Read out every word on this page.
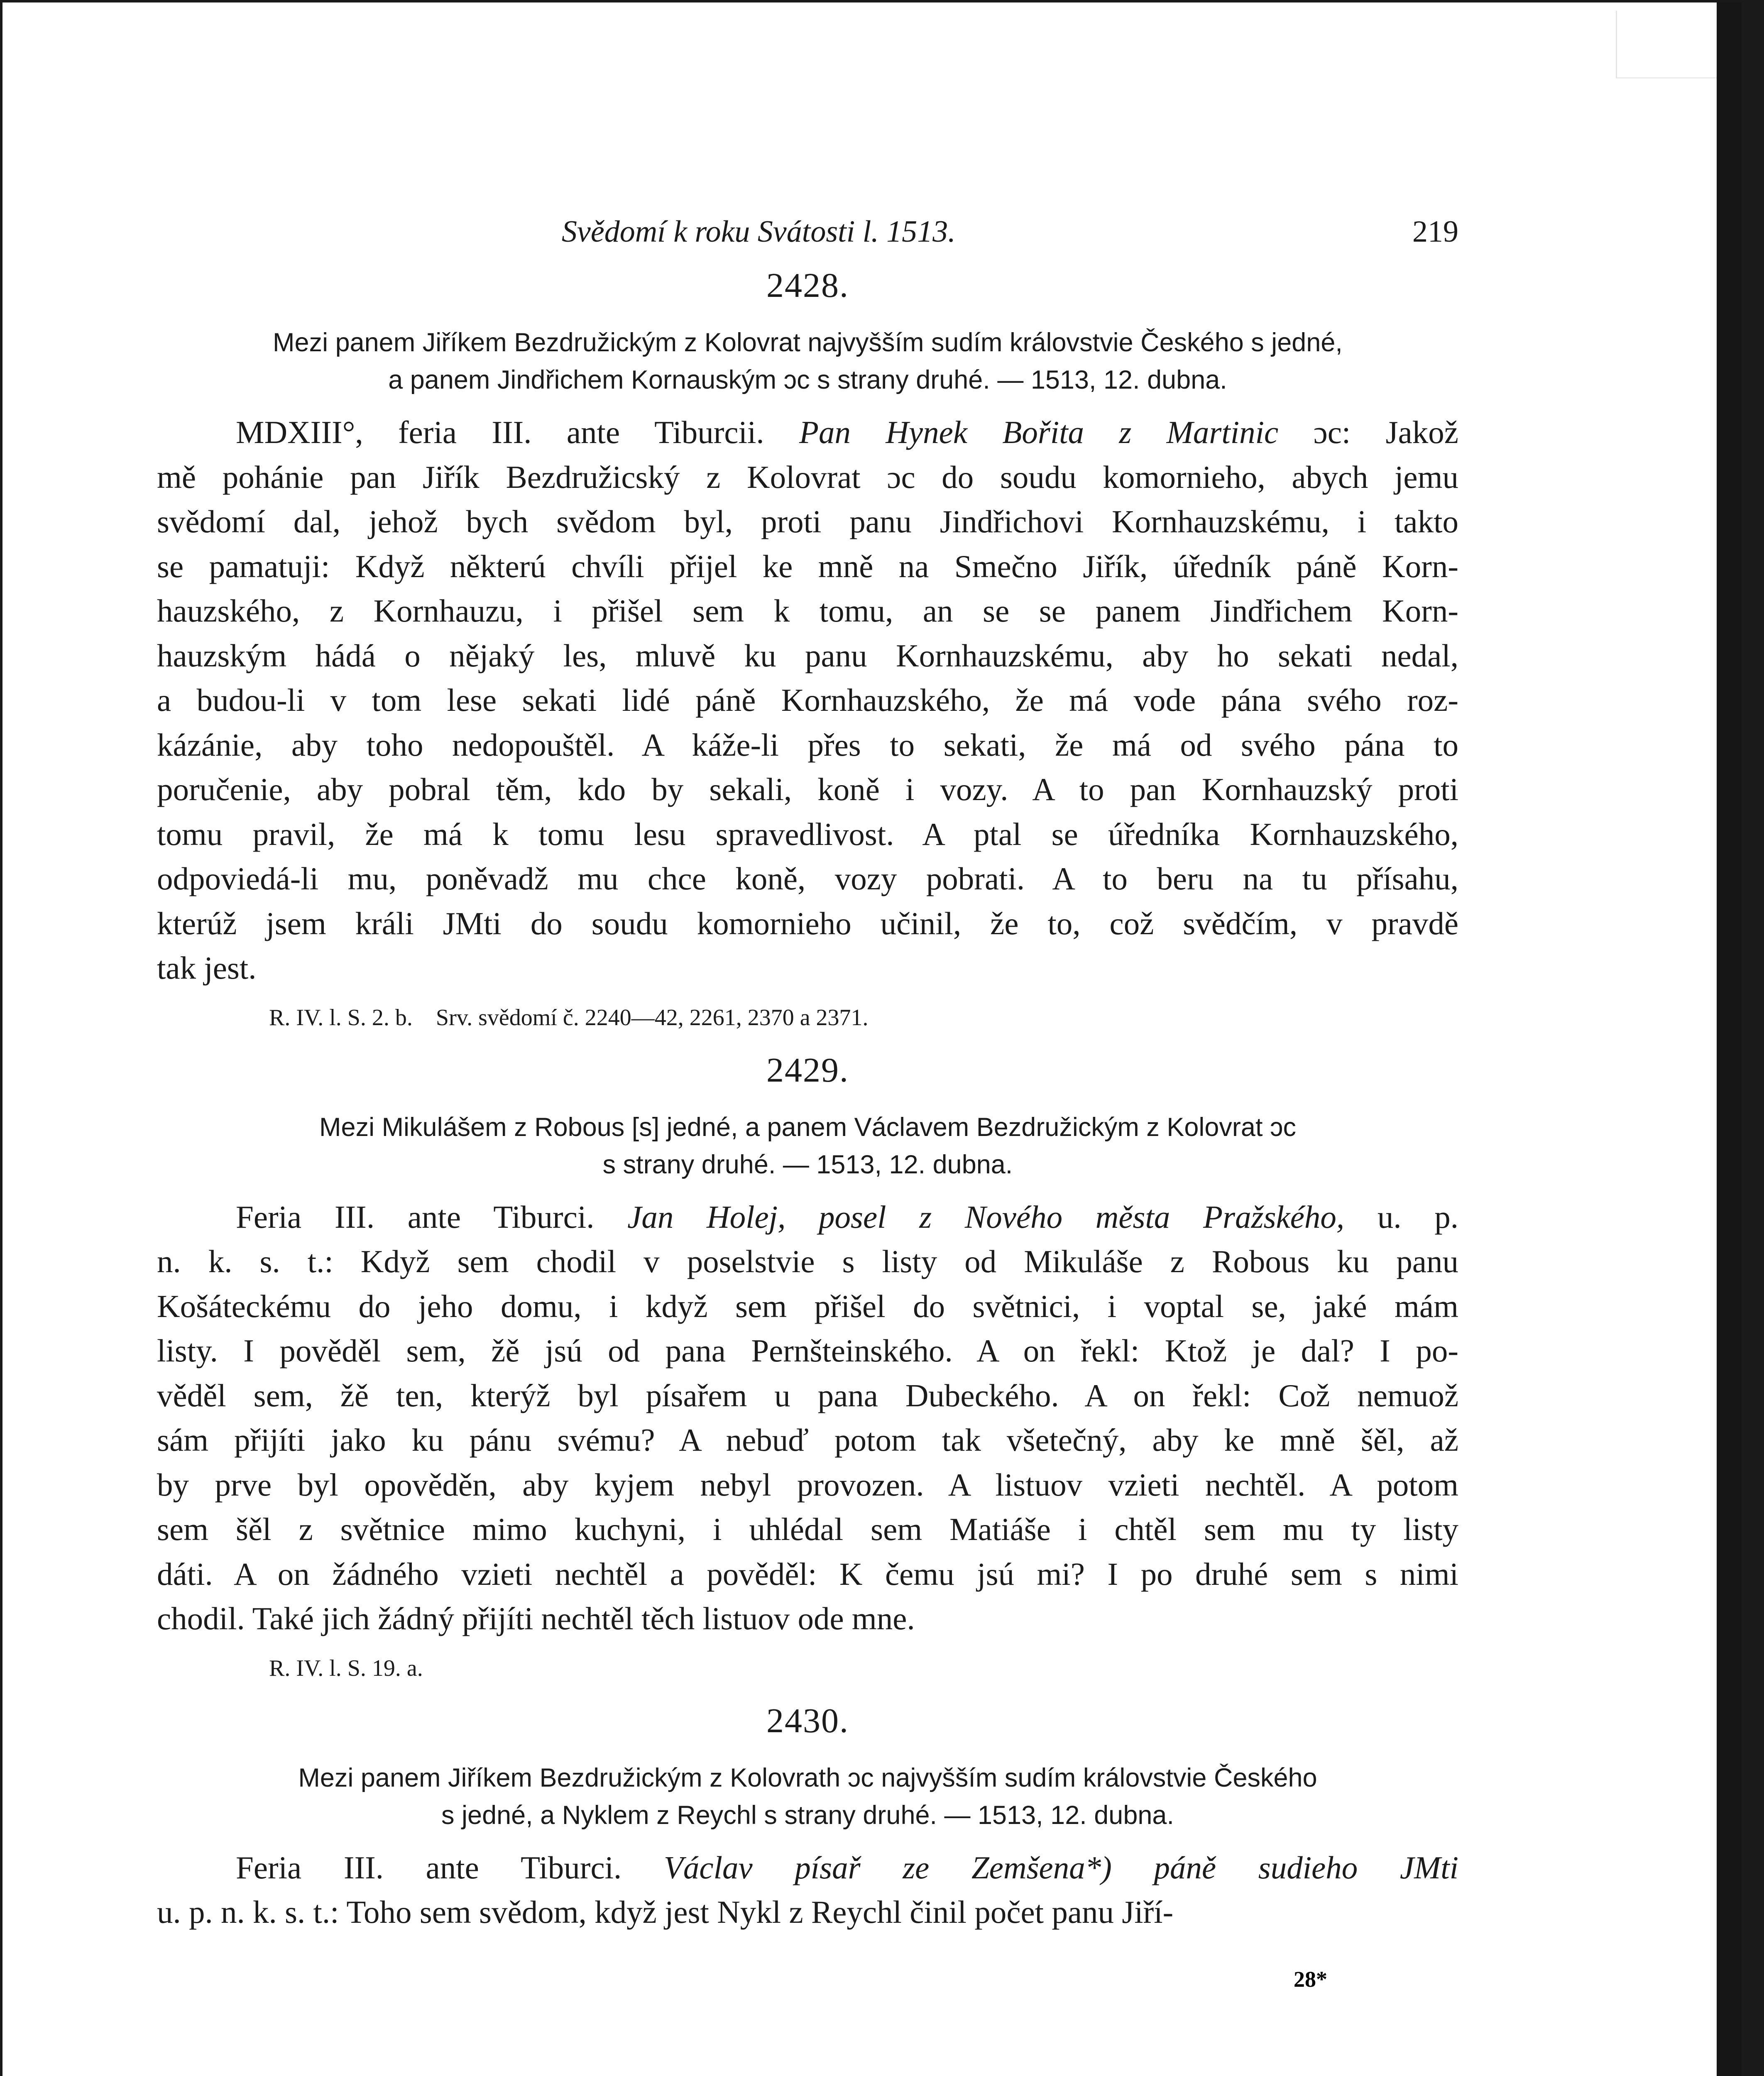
Svědomí k roku Svátosti l. 1513.	219
2428.
Mezi panem Jiříkem Bezdružickým z Kolovrat najvyšším sudím královstvie Českého s jedné,
a panem Jindřichem Kornauským ɔc s strany druhé. — 1513, 12. dubna.
MDXIII°, feria III. ante Tiburcii. Pan Hynek Bořita z Martinic ɔc: Jakož
mě pohánie pan Jiřík Bezdružicský z Kolovrat ɔc do soudu komornieho, abych jemu
svědomí dal, jehož bych svědom byl, proti panu Jindřichovi Kornhauzskému, i takto
se pamatuji: Když některú chvíli přijel ke mně na Smečno Jiřík, úředník páně Korn-
hauzského, z Kornhauzu, i přišel sem k tomu, an se se panem Jindřichem Korn-
hauzským hádá o nějaký les, mluvě ku panu Kornhauzskému, aby ho sekati nedal,
a budou-li v tom lese sekati lidé páně Kornhauzského, že má vode pána svého roz-
kázánie, aby toho nedopouštěl. A káže-li přes to sekati, že má od svého pána to
poručenie, aby pobral těm, kdo by sekali, koně i vozy. A to pan Kornhauzský proti
tomu pravil, že má k tomu lesu spravedlivost. A ptal se úředníka Kornhauzského,
odpoviedá-li mu, poněvadž mu chce koně, vozy pobrati. A to beru na tu přísahu,
kterúž jsem králi JMti do soudu komornieho učinil, že to, což svědčím, v pravdě
tak jest.
R. IV. l. S. 2. b.    Srv. svědomí č. 2240—42, 2261, 2370 a 2371.
2429.
Mezi Mikulášem z Robous [s] jedné, a panem Václavem Bezdružickým z Kolovrat ɔc
s strany druhé. — 1513, 12. dubna.
Feria III. ante Tiburci. Jan Holej, posel z Nového města Pražského, u. p.
n. k. s. t.: Když sem chodil v poselstvie s listy od Mikuláše z Robous ku panu
Košáteckému do jeho domu, i když sem přišel do světnici, i voptal se, jaké mám
listy. I pověděl sem, žě jsú od pana Pernšteinského. A on řekl: Ktož je dal? I po-
věděl sem, žě ten, kterýž byl písařem u pana Dubeckého. A on řekl: Což nemuož
sám přijíti jako ku pánu svému? A nebuď potom tak všetečný, aby ke mně šěl, až
by prve byl opověděn, aby kyjem nebyl provozen. A listuov vzieti nechtěl. A potom
sem šěl z světnice mimo kuchyni, i uhlédal sem Matiáše i chtěl sem mu ty listy
dáti. A on žádného vzieti nechtěl a pověděl: K čemu jsú mi? I po druhé sem s nimi
chodil. Také jich žádný přijíti nechtěl těch listuov ode mne.
R. IV. l. S. 19. a.
2430.
Mezi panem Jiříkem Bezdružickým z Kolovrath ɔc najvyšším sudím královstvie Českého
s jedné, a Nyklem z Reychl s strany druhé. — 1513, 12. dubna.
Feria III. ante Tiburci. Václav písař ze Zemšena*) páně sudieho JMti
u. p. n. k. s. t.: Toho sem svědom, když jest Nykl z Reychl činil počet panu Jiří-
28*
